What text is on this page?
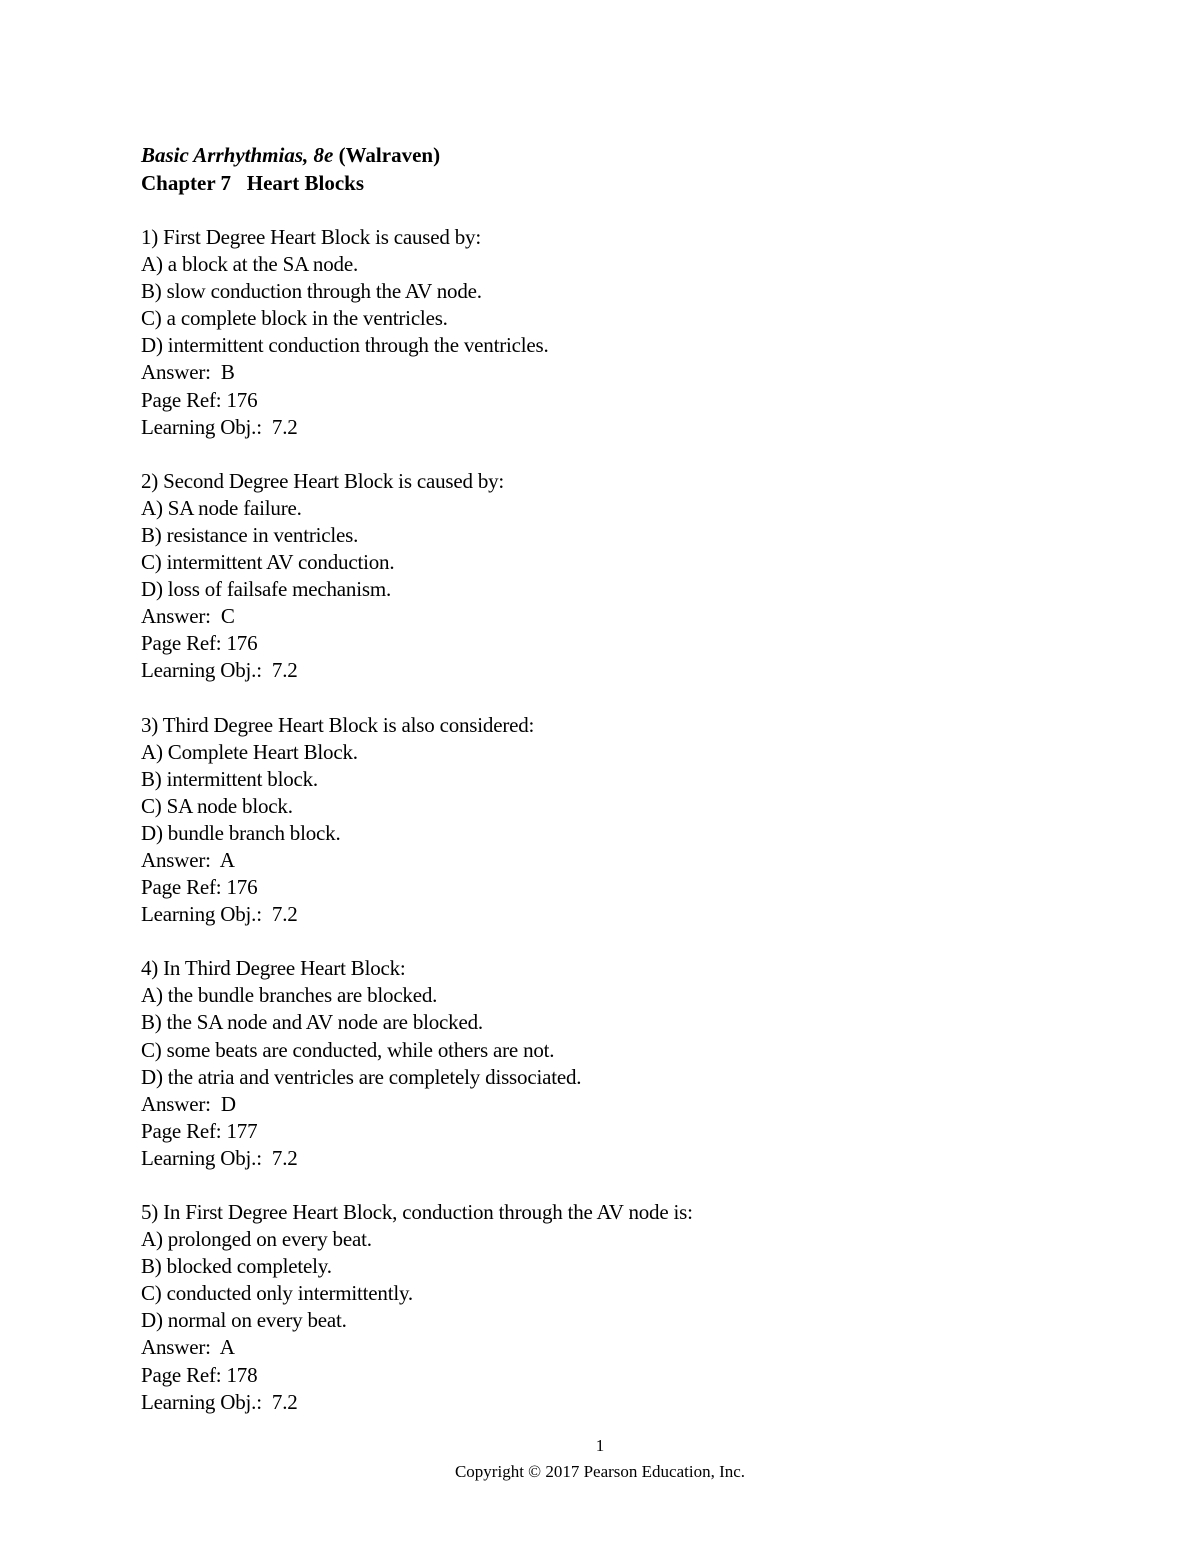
Basic Arrhythmias, 8e (Walraven)
Chapter 7   Heart Blocks

1) First Degree Heart Block is caused by:

A) a block at the SA node.

B) slow conduction through the AV node.

C) a complete block in the ventricles.

D) intermittent conduction through the ventricles.

Answer:  B

Page Ref: 176

Learning Obj.:  7.2

2) Second Degree Heart Block is caused by:

A) SA node failure.

B) resistance in ventricles.

C) intermittent AV conduction.

D) loss of failsafe mechanism.

Answer:  C

Page Ref: 176

Learning Obj.:  7.2

3) Third Degree Heart Block is also considered:

A) Complete Heart Block.

B) intermittent block.

C) SA node block.

D) bundle branch block.

Answer:  A

Page Ref: 176

Learning Obj.:  7.2

4) In Third Degree Heart Block:

A) the bundle branches are blocked.

B) the SA node and AV node are blocked.

C) some beats are conducted, while others are not.

D) the atria and ventricles are completely dissociated.

Answer:  D

Page Ref: 177

Learning Obj.:  7.2

5) In First Degree Heart Block, conduction through the AV node is:

A) prolonged on every beat.

B) blocked completely.

C) conducted only intermittently.

D) normal on every beat.

Answer:  A

Page Ref: 178

Learning Obj.:  7.2

1
Copyright © 2017 Pearson Education, Inc.
